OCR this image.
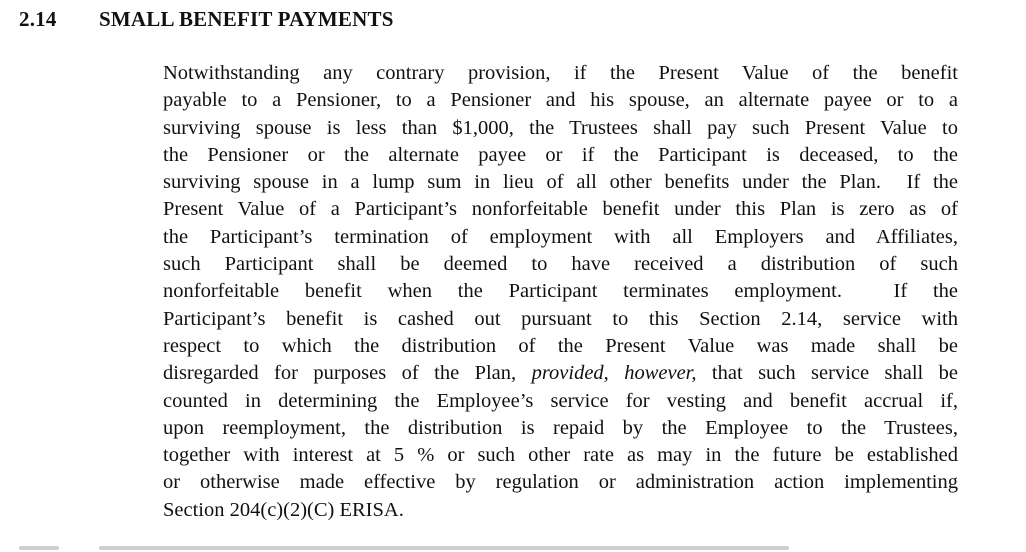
2.14 SMALL BENEFIT PAYMENTS
Notwithstanding any contrary provision, if the Present Value of the benefit
payable to a Pensioner, to a Pensioner and his spouse, an alternate payee or to a
surviving spouse is less than $1,000, the Trustees shall pay such Present Value to
the Pensioner or the alternate payee or if the Participant is deceased, to the
surviving spouse in a lump sum in lieu of all other benefits under the Plan.  If the
Present Value of a Participant’s nonforfeitable benefit under this Plan is zero as of
the Participant’s termination of employment with all Employers and Affiliates,
such Participant shall be deemed to have received a distribution of such
nonforfeitable benefit when the Participant terminates employment.  If the
Participant’s benefit is cashed out pursuant to this Section 2.14, service with
respect to which the distribution of the Present Value was made shall be
disregarded for purposes of the Plan, provided, however, that such service shall be
counted in determining the Employee’s service for vesting and benefit accrual if,
upon reemployment, the distribution is repaid by the Employee to the Trustees,
together with interest at 5 % or such other rate as may in the future be established
or otherwise made effective by regulation or administration action implementing
Section 204(c)(2)(C) ERISA.
